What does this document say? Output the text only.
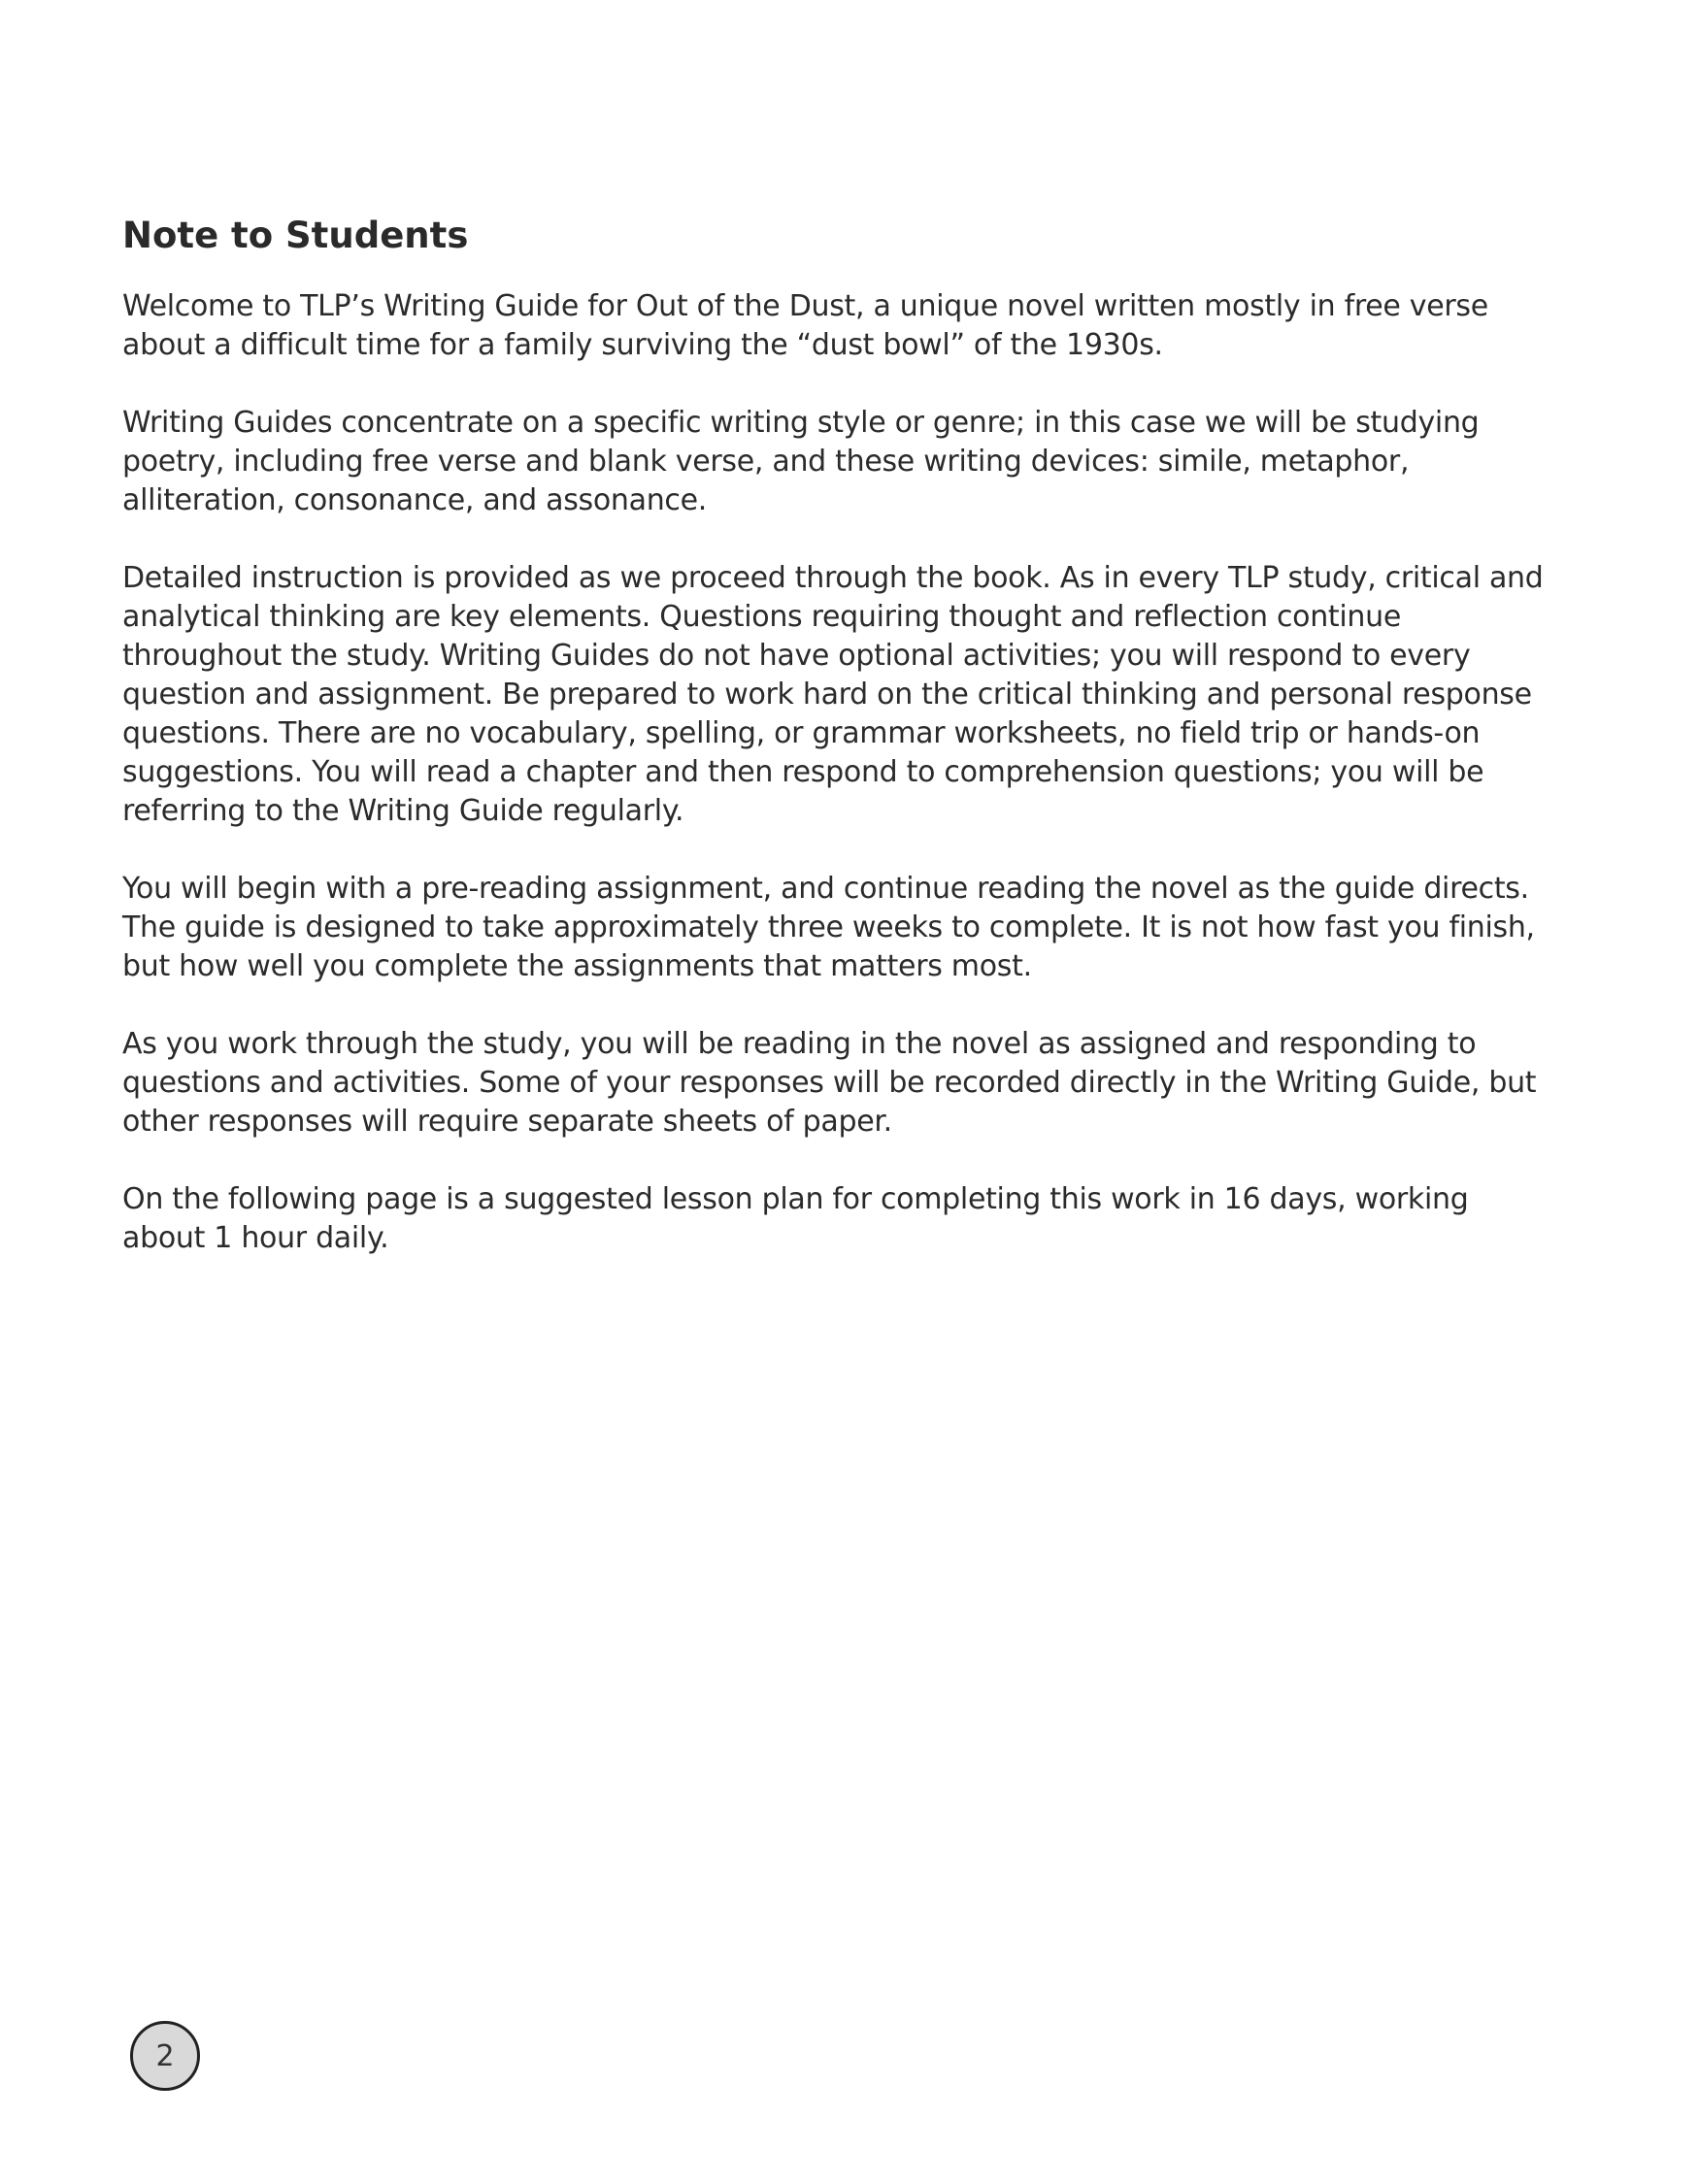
Note to Students

Welcome to TLP’s Writing Guide for Out of the Dust, a unique novel written mostly in free verse about a difficult time for a family surviving the “dust bowl” of the 1930s.

Writing Guides concentrate on a specific writing style or genre; in this case we will be studying poetry, including free verse and blank verse, and these writing devices: simile, metaphor, alliteration, consonance, and assonance.

Detailed instruction is provided as we proceed through the book. As in every TLP study, critical and analytical thinking are key elements. Questions requiring thought and reflection continue throughout the study. Writing Guides do not have optional activities; you will respond to every question and assignment. Be prepared to work hard on the critical thinking and personal response questions. There are no vocabulary, spelling, or grammar worksheets, no field trip or hands-on suggestions. You will read a chapter and then respond to comprehension questions; you will be referring to the Writing Guide regularly.

You will begin with a pre-reading assignment, and continue reading the novel as the guide directs. The guide is designed to take approximately three weeks to complete. It is not how fast you finish, but how well you complete the assignments that matters most.

As you work through the study, you will be reading in the novel as assigned and responding to questions and activities. Some of your responses will be recorded directly in the Writing Guide, but other responses will require separate sheets of paper.

On the following page is a suggested lesson plan for completing this work in 16 days, working about 1 hour daily.

2
